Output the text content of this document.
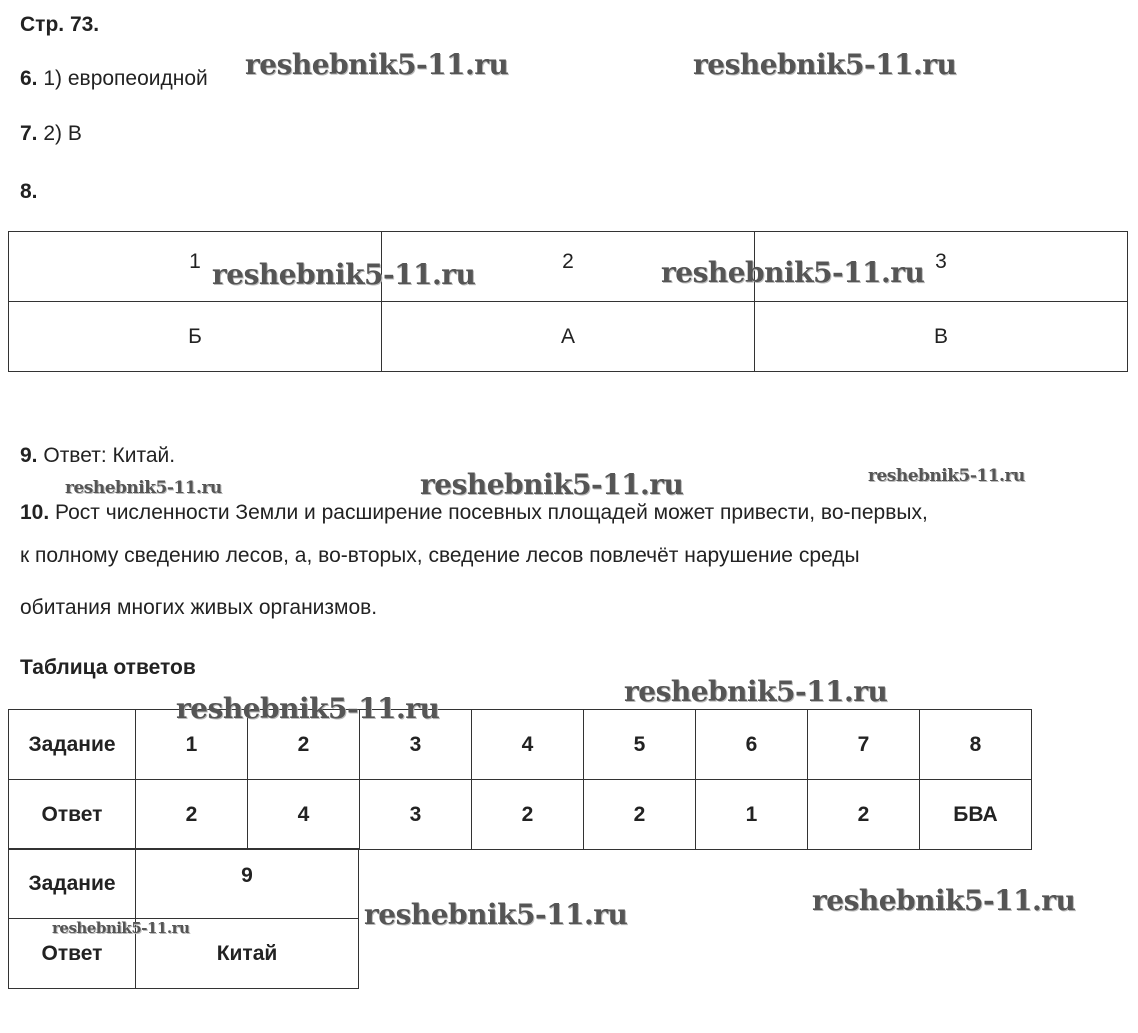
Стр. 73.
6. 1) европеоидной
7. 2) В
8.
1	2	3
Б	А	В
9. Ответ: Китай.
10. Рост численности Земли и расширение посевных площадей может привести, во-первых,
к полному сведению лесов, а, во-вторых, сведение лесов повлечёт нарушение среды
обитания многих живых организмов.
Таблица ответов
Задание	1	2	3	4	5	6	7	8
Ответ	2	4	3	2	2	1	2	БВА
Задание	9
Ответ	Китай
reshebnik5-11.ru	reshebnik5-11.ru
reshebnik5-11.ru	reshebnik5-11.ru
reshebnik5-11.ru
reshebnik5-11.ru
reshebnik5-11.ru
reshebnik5-11.ru
reshebnik5-11.ru
reshebnik5-11.ru
reshebnik5-11.ru
reshebnik5-11.ru
